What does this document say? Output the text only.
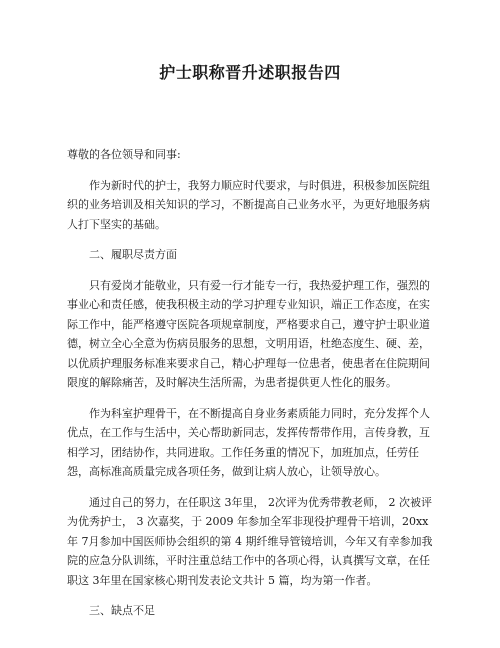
护士职称晋升述职报告四

尊敬的各位领导和同事:

作为新时代的护士，我努力顺应时代要求，与时俱进，积极参加医院组织的业务培训及相关知识的学习，不断提高自己业务水平，为更好地服务病人打下坚实的基础。

二、履职尽责方面

只有爱岗才能敬业，只有爱一行才能专一行，我热爱护理工作，强烈的事业心和责任感，使我积极主动的学习护理专业知识，端正工作态度，在实际工作中，能严格遵守医院各项规章制度，严格要求自己，遵守护士职业道德，树立全心全意为伤病员服务的思想，文明用语，杜绝态度生、硬、差，以优质护理服务标准来要求自己，精心护理每一位患者，使患者在住院期间限度的解除痛苦，及时解决生活所需，为患者提供更人性化的服务。

作为科室护理骨干，在不断提高自身业务素质能力同时，充分发挥个人优点，在工作与生活中，关心帮助新同志，发挥传帮带作用，言传身教，互相学习，团结协作，共同进取。工作任务重的情况下，加班加点，任劳任怨，高标准高质量完成各项任务，做到让病人放心，让领导放心。

通过自己的努力，在任职这 3年里， 2次评为优秀带教老师， 2 次被评为优秀护士， 3 次嘉奖，于 2009 年参加全军非现役护理骨干培训，20xx 年 7月参加中国医师协会组织的第 4 期纤维导管镜培训，今年又有幸参加我院的应急分队训练，平时注重总结工作中的各项心得，认真撰写文章，在任职这 3年里在国家核心期刊发表论文共计 5 篇，均为第一作者。

三、缺点不足
